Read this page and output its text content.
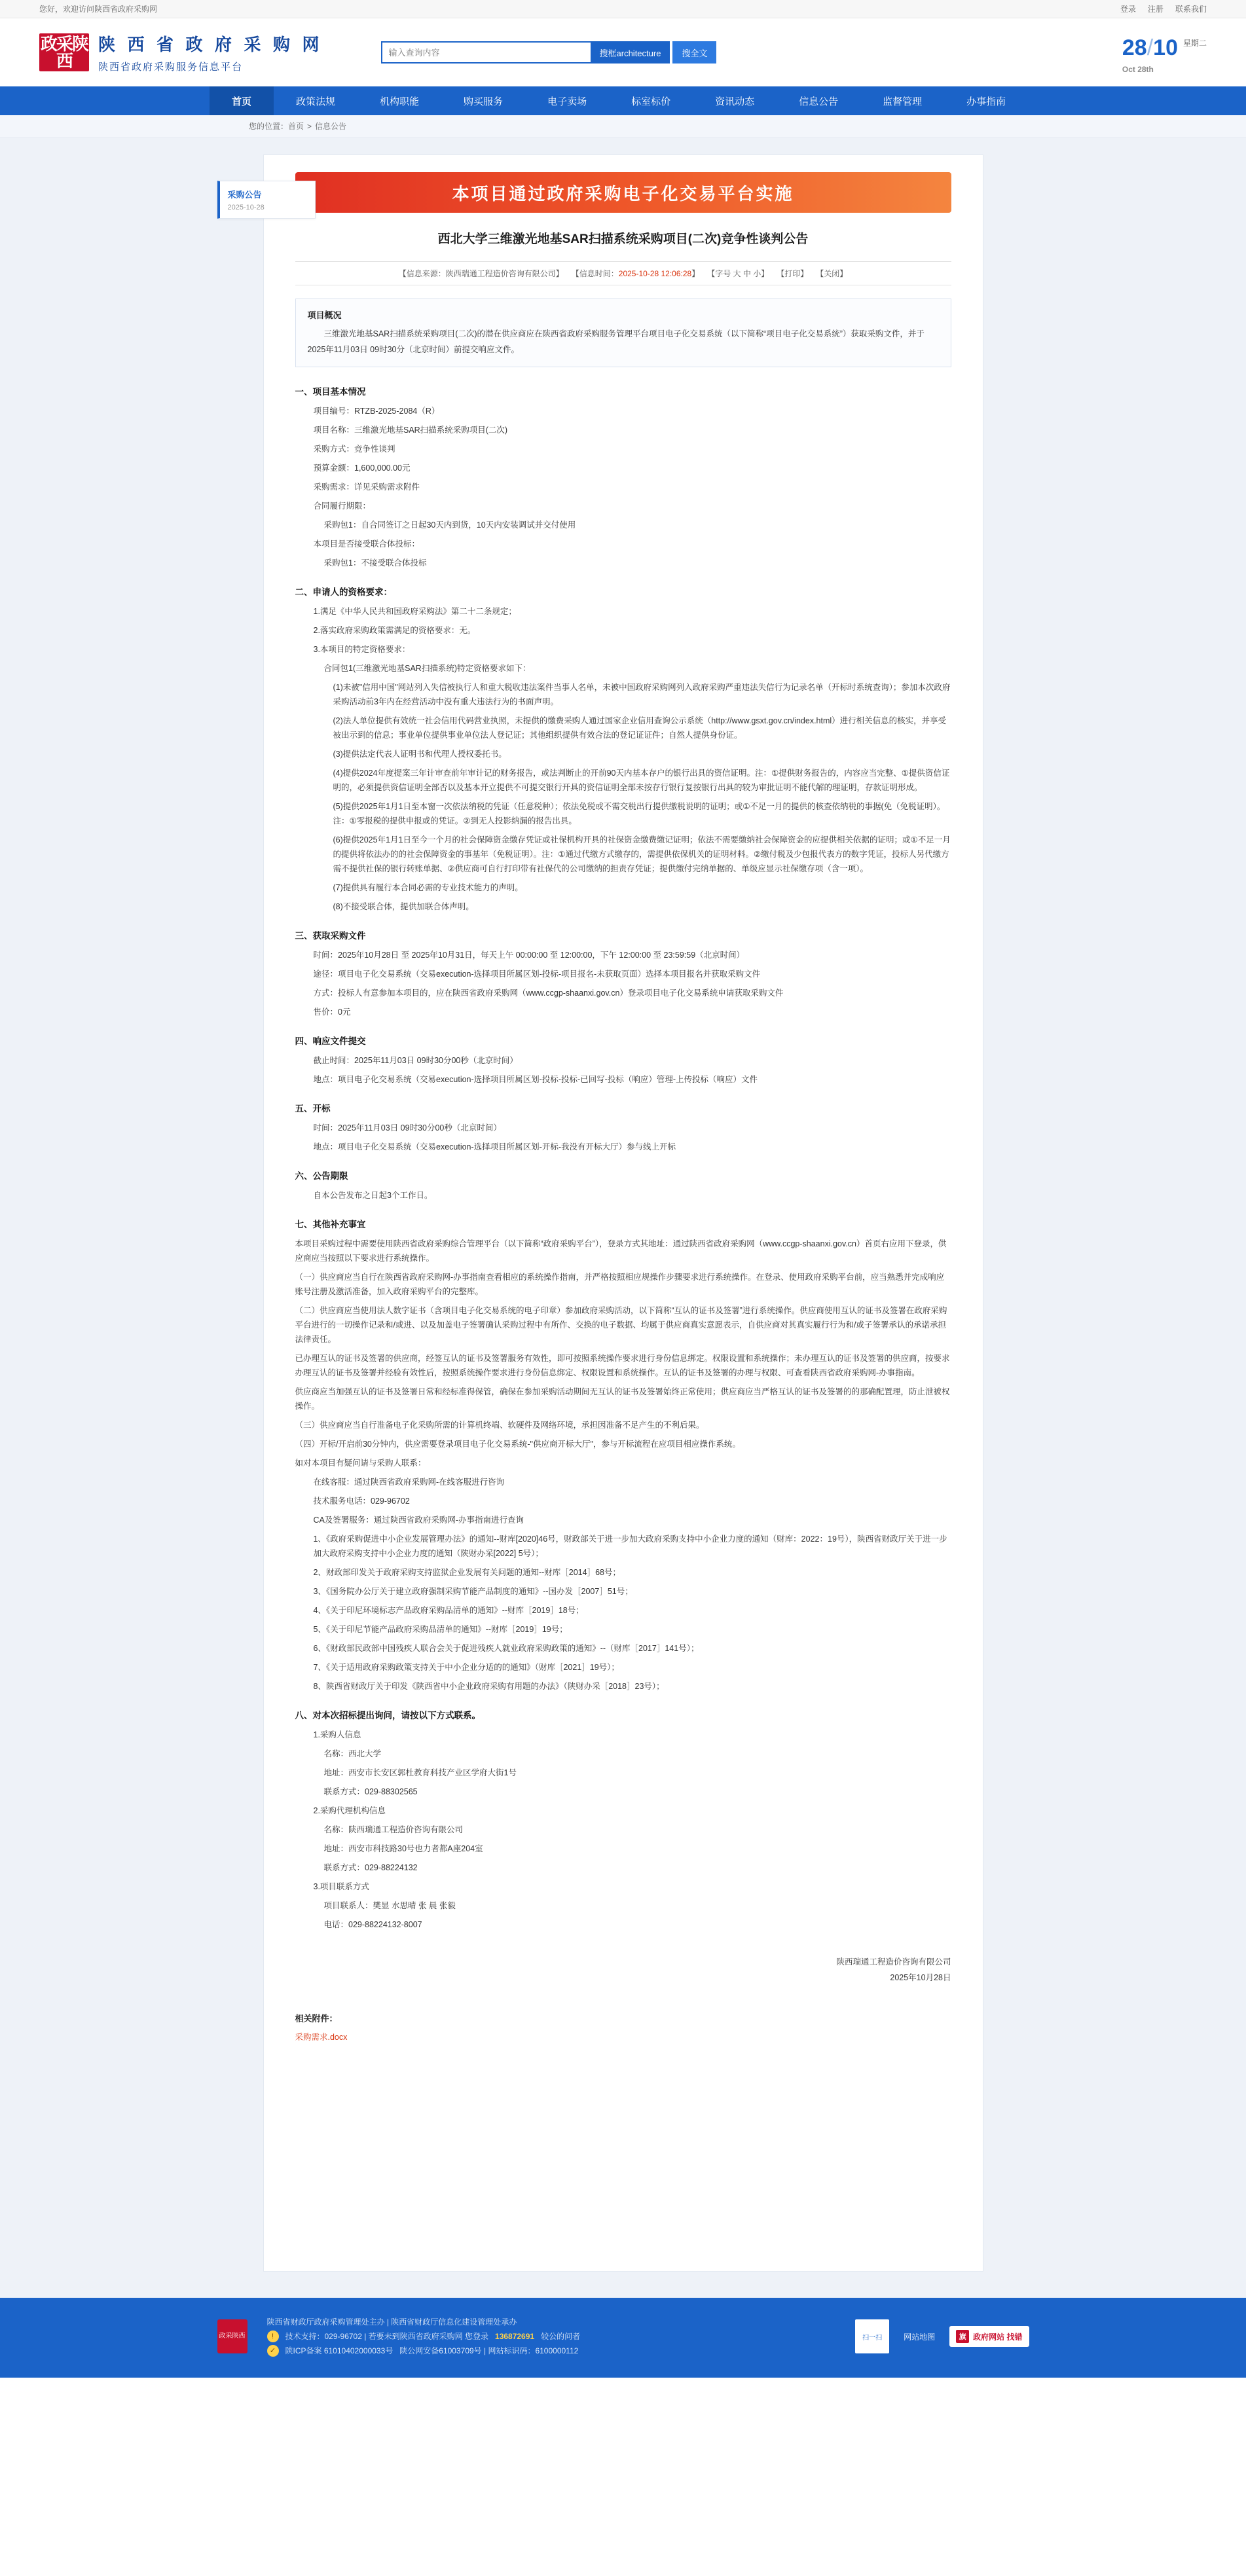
您好，欢迎访问陕西省政府采购网	登录 注册 联系我们
政采陕西
陕 西 省 政 府 采 购 网
陕西省政府采购服务信息平台
输入查询内容
搜框architecture	搜全文	28/10
Oct 28th
星期二
首页	政策法规	机构职能	购买服务	电子卖场	标室标价	资讯动态	信息公告	监督管理	办事指南
您的位置： 首页 > 信息公告
采购公告
2025-10-28
本项目通过政府采购电子化交易平台实施
西北大学三维激光地基SAR扫描系统采购项目(二次)竞争性谈判公告
【信息来源：陕西瑞通工程造价咨询有限公司】 【信息时间：2025-10-28 12:06:28】 【字号 大 中 小】 【打印】 【关闭】
项目概况

三维激光地基SAR扫描系统采购项目(二次)的潜在供应商应在陕西省政府采购服务管理平台项目电子化交易系统（以下简称“项目电子化交易系统”）获取采购文件，并于2025年11月03日 09时30分（北京时间）前提交响应文件。

一、项目基本情况

项目编号：RTZB-2025-2084（R）

项目名称：三维激光地基SAR扫描系统采购项目(二次)

采购方式：竞争性谈判

预算金额：1,600,000.00元

采购需求：详见采购需求附件

合同履行期限：

采购包1：自合同签订之日起30天内到货，10天内安装调试并交付使用

本项目是否接受联合体投标：

采购包1：不接受联合体投标

二、申请人的资格要求：

1.满足《中华人民共和国政府采购法》第二十二条规定；

2.落实政府采购政策需满足的资格要求：无。

3.本项目的特定资格要求：

合同包1(三维激光地基SAR扫描系统)特定资格要求如下：

(1)未被"信用中国"网站列入失信被执行人和重大税收违法案件当事人名单，未被中国政府采购网列入政府采购严重违法失信行为记录名单（开标时系统查询）；参加本次政府采购活动前3年内在经营活动中没有重大违法行为的书面声明。

(2)法人单位提供有效统一社会信用代码营业执照，未提供的缴费采购人通过国家企业信用查询公示系统（http://www.gsxt.gov.cn/index.html）进行相关信息的核实，并享受被出示到的信息；事业单位提供事业单位法人登记证；其他组织提供有效合法的登记证证件；自然人提供身份证。

(3)提供法定代表人证明书和代理人授权委托书。

(4)提供2024年度提案三年计审查前年审计记的财务报告，或法判断止的开前90天内基本存户的银行出具的资信证明。注：①提供财务报告的，内容应当完整、①提供资信证明的，必须提供资信证明全部否以及基本开立提供不可提交银行开具的资信证明全部未按存行银行复按银行出具的较为审批证明不能代解的理证明，存款证明形成。

(5)提供2025年1月1日至本窗一次依法纳税的凭证（任意税种）；依法免税或不需交税出行提供缴税说明的证明；或①不足一月的提供的核查依纳税的事据(免（免税证明）。注：①零报税的提供申报或的凭证。②到无人投影纳漏的报告出具。

(6)提供2025年1月1日至今一个月的社会保障资金缴存凭证或社保机构开具的社保资金缴费缴记证明；依法不需要缴纳社会保障资金的应提供相关依据的证明；或①不足一月的提供将依法办的的社会保障资金的事基年（免税证明）。注：①通过代缴方式缴存的，需提供依保机关的证明材料。②缴付税及少包报代表方的数字凭证，投标人另代缴方需不提供社保的银行转账单据、②供应商可自行打印带有社保代的公司缴纳的担责存凭证；提供缴付完纳单据的、单级应显示社保缴存项（含一项）。

(7)提供具有履行本合同必需的专业技术能力的声明。

(8)不接受联合体，提供加联合体声明。

三、获取采购文件

时间：2025年10月28日 至 2025年10月31日，每天上午 00:00:00 至 12:00:00，下午 12:00:00 至 23:59:59（北京时间）

途径：项目电子化交易系统（交易execution-选择项目所属区划-投标-项目报名-未获取页面）选择本项目报名并获取采购文件

方式：投标人有意参加本项目的，应在陕西省政府采购网（www.ccgp-shaanxi.gov.cn）登录项目电子化交易系统申请获取采购文件

售价：0元

四、响应文件提交

截止时间：2025年11月03日 09时30分00秒（北京时间）

地点：项目电子化交易系统（交易execution-选择项目所属区划-投标-投标-已回写-投标（响应）管理-上传投标（响应）文件

五、开标

时间：2025年11月03日 09时30分00秒（北京时间）

地点：项目电子化交易系统（交易execution-选择项目所属区划-开标-我没有开标大厅）参与线上开标

六、公告期限

自本公告发布之日起3个工作日。

七、其他补充事宜

本项目采购过程中需要使用陕西省政府采购综合管理平台（以下简称“政府采购平台”），登录方式其地址：通过陕西省政府采购网（www.ccgp-shaanxi.gov.cn）首页右应用下登录，供应商应当按照以下要求进行系统操作。

（一）供应商应当自行在陕西省政府采购网-办事指南查看相应的系统操作指南，并严格按照相应规操作步骤要求进行系统操作。在登录、使用政府采购平台前，应当熟悉并完成响应账号注册及激活准备，加入政府采购平台的完整库。

（二）供应商应当使用法人数字证书（含项目电子化交易系统的电子印章）参加政府采购活动，以下简称“互认的证书及签署”进行系统操作。供应商使用互认的证书及签署在政府采购平台进行的一切操作记录和/或进、以及加盖电子签署确认采购过程中有所作、交换的电子数据、均属于供应商真实意愿表示，自供应商对其真实履行行为和/或子签署承认的承诺承担法律责任。

已办理互认的证书及签署的供应商，经签互认的证书及签署服务有效性，即可按照系统操作要求进行身份信息绑定。权限设置和系统操作；未办理互认的证书及签署的供应商，按要求办理互认的证书及签署并经验有效性后，按照系统操作要求进行身份信息绑定、权限设置和系统操作。互认的证书及签署的办理与权限、可查看陕西省政府采购网-办事指南。

供应商应当加强互认的证书及签署日常和经标准得保管，确保在参加采购活动期间无互认的证书及签署始终正常使用；供应商应当严格互认的证书及签署的的那确配置理，防止泄被权操作。

（三）供应商应当自行准备电子化采购所需的计算机终端、软硬件及网络环境，承担因准备不足产生的不利后果。

（四）开标/开启前30分钟内，供应需要登录项目电子化交易系统-"供应商开标大厅"，参与开标流程在应项目相应操作系统。

如对本项目有疑问请与采购人联系：

在线客服：通过陕西省政府采购网-在线客服进行咨询

技术服务电话：029-96702

CA及签署服务：通过陕西省政府采购网-办事指南进行查询

1、《政府采购促进中小企业发展管理办法》的通知--财库[2020]46号，财政部关于进一步加大政府采购支持中小企业力度的通知（财库：2022：19号），陕西省财政厅关于进一步加大政府采购支持中小企业力度的通知（陕财办采[2022] 5号）；

2、财政部印发关于政府采购支持监狱企业发展有关问题的通知--财库［2014］68号；

3、《国务院办公厅关于建立政府强制采购节能产品制度的通知》--国办发［2007］51号；

4、《关于印尼环境标志产品政府采购品清单的通知》--财库［2019］18号；

5、《关于印尼节能产品政府采购品清单的通知》--财库［2019］19号；

6、《财政部民政部中国残疾人联合会关于促进残疾人就业政府采购政策的通知》--（财库［2017］141号）；

7、《关于适用政府采购政策支持关于中小企业分适的的通知》（财库［2021］19号）；

8、陕西省财政厅关于印发《陕西省中小企业政府采购有用题的办法》（陕财办采［2018］23号）；

八、对本次招标提出询问，请按以下方式联系。

1.采购人信息

名称：西北大学

地址：西安市长安区郭杜教育科技产业区学府大街1号

联系方式：029-88302565

2.采购代理机构信息

名称：陕西瑞通工程造价咨询有限公司

地址：西安市科技路30号也力者都A座204室

联系方式：029-88224132

3.项目联系方式

项目联系人：樊显 水思晴 张 晨 张毅

电话：029-88224132-8007

陕西瑞通工程造价咨询有限公司
2025年10月28日
相关附件：
采购需求.docx
政采陕西
陕西省财政厅政府采购管理处主办 | 陕西省财政厅信息化建设管理处承办
!	技术支持：029-96702 | 若要未到陕西省政府采购网 您登录 136872691 较公的问者
✓	陕ICP备案 61010402000033号 陕公网安备61003709号 | 网站标识码：6100000112
扫一扫	网站地图	旗 政府网站 找错
